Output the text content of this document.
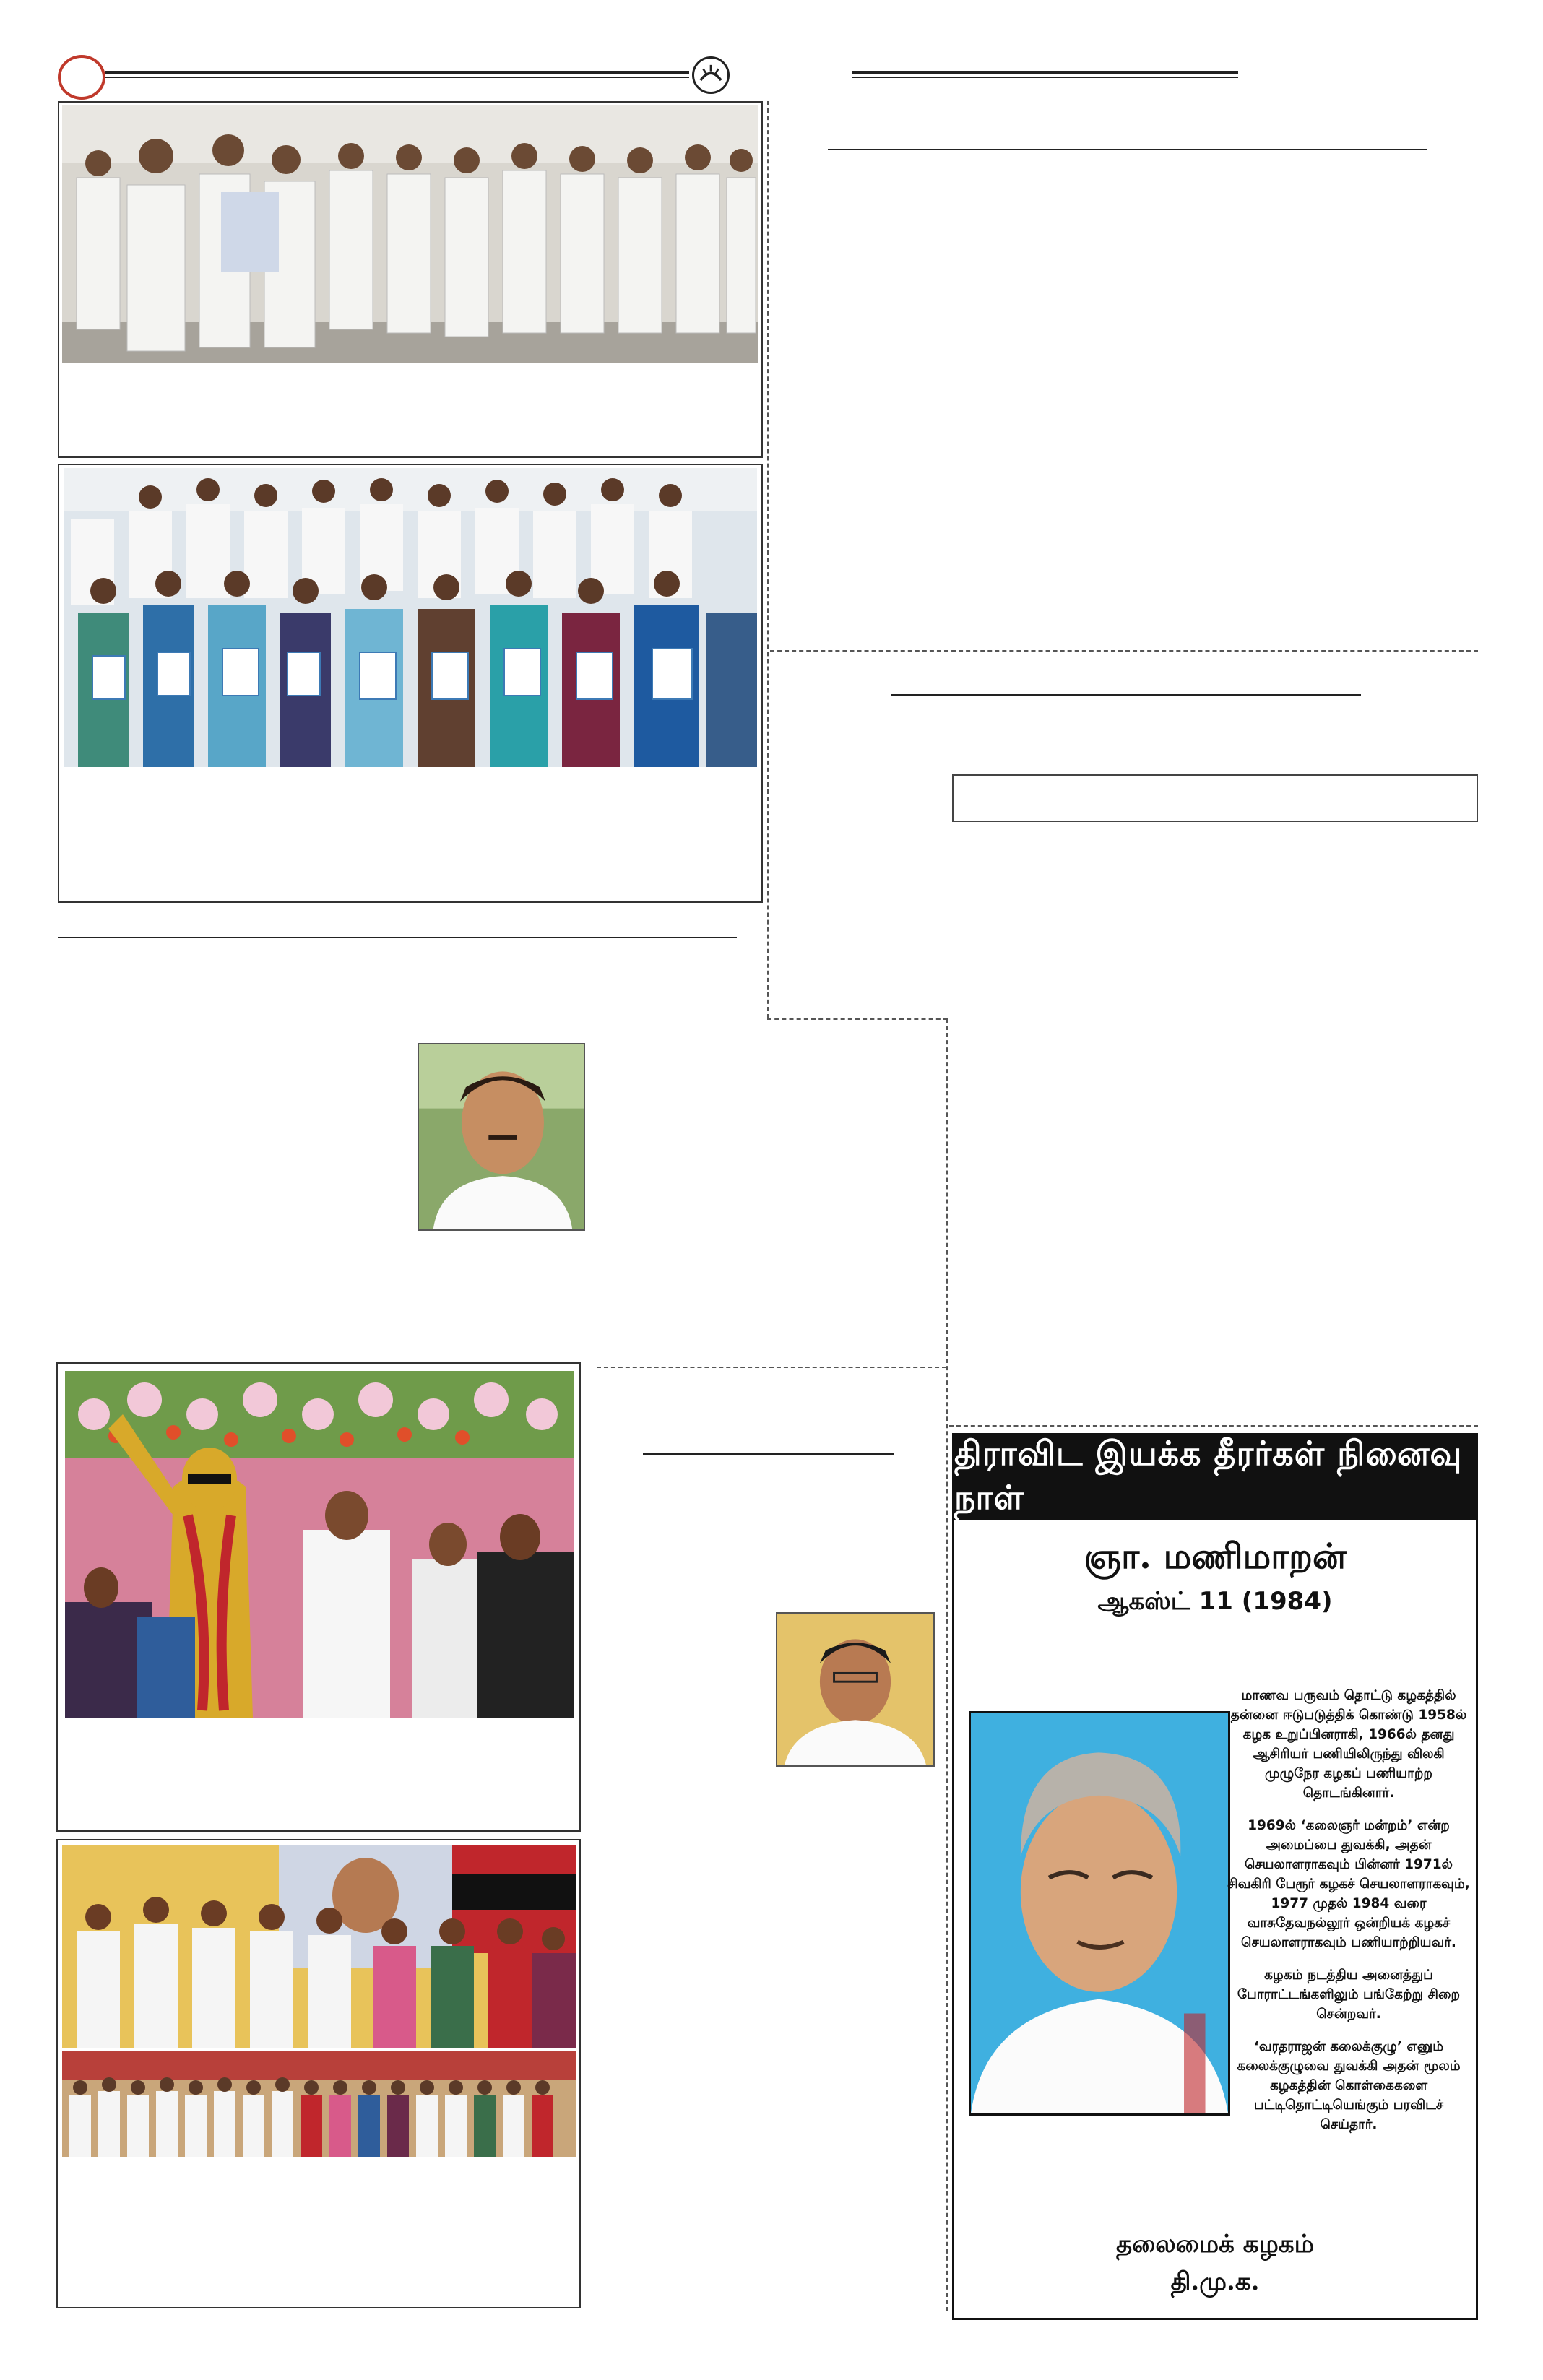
திராவிட இயக்க தீரர்கள் நினைவு நாள்
ஞா. மணிமாறன்
ஆகஸ்ட் 11 (1984)

மாணவ பருவம் தொட்டு கழகத்தில் தன்னை ஈடுபடுத்திக் கொண்டு 1958ல் கழக உறுப்பினராகி, 1966ல் தனது ஆசிரியர் பணியிலிருந்து விலகி முழுநேர கழகப் பணியாற்ற தொடங்கினார்.

1969ல் ‘கலைஞர் மன்றம்’ என்ற அமைப்பை துவக்கி, அதன் செயலாளராகவும் பின்னர் 1971ல் சிவகிரி பேரூர் கழகச் செயலாளராகவும், 1977 முதல் 1984 வரை வாசுதேவநல்லூர் ஒன்றியக் கழகச் செயலாளராகவும் பணியாற்றியவர்.

கழகம் நடத்திய அனைத்துப் போராட்டங்களிலும் பங்கேற்று சிறை சென்றவர்.

‘வரதராஜன் கலைக்குழு’ எனும் கலைக்குழுவை துவக்கி அதன் மூலம் கழகத்தின் கொள்கைகளை பட்டிதொட்டியெங்கும் பரவிடச் செய்தார்.

தலைமைக் கழகம்
தி.மு.க.
